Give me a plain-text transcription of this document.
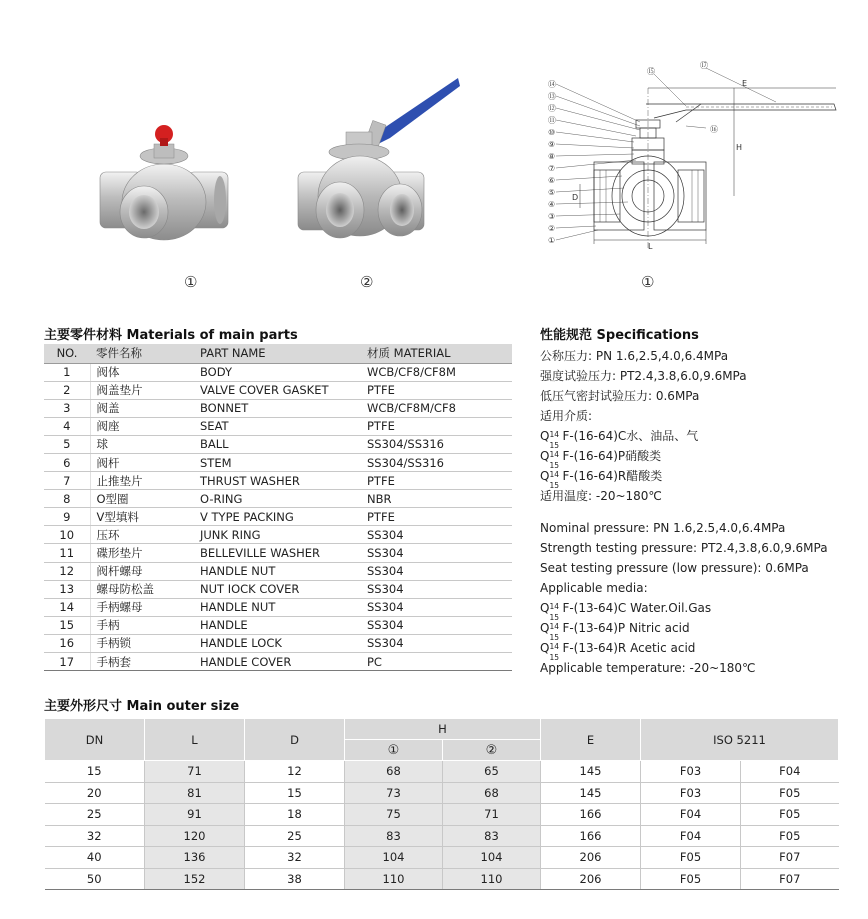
①	②
⑭
⑬
⑫
⑪
⑩
⑨
⑧
⑦
⑥
⑤
④
③
②
①
⑮
⑯
⑰
E
H
D
L
①
主要零件材料 Materials of main parts
NO.	零件名称	PART NAME	材质 MATERIAL
1	阀体	BODY	WCB/CF8/CF8M
2	阀盖垫片	VALVE COVER GASKET	PTFE
3	阀盖	BONNET	WCB/CF8M/CF8
4	阀座	SEAT	PTFE
5	球	BALL	SS304/SS316
6	阀杆	STEM	SS304/SS316
7	止推垫片	THRUST WASHER	PTFE
8	O型圈	O-RING	NBR
9	V型填料	V TYPE PACKING	PTFE
10	压环	JUNK RING	SS304
11	碟形垫片	BELLEVILLE WASHER	SS304
12	阀杆螺母	HANDLE NUT	SS304
13	螺母防松盖	NUT IOCK COVER	SS304
14	手柄螺母	HANDLE NUT	SS304
15	手柄	HANDLE	SS304
16	手柄锁	HANDLE LOCK	SS304
17	手柄套	HANDLE COVER	PC
性能规范 Specifications
公称压力: PN 1.6,2.5,4.0,6.4MPa
强度试验压力: PT2.4,3.8,6.0,9.6MPa
低压气密封试验压力: 0.6MPa
适用介质:
Q 14
15
F-(16-64)C水、油品、气
Q 14
15
F-(16-64)P硝酸类
Q 14
15
F-(16-64)R醋酸类
适用温度: -20~180℃
Nominal pressure: PN 1.6,2.5,4.0,6.4MPa
Strength testing pressure: PT2.4,3.8,6.0,9.6MPa
Seat testing pressure (low pressure): 0.6MPa
Applicable media:
Q 14
15
F-(13-64)C Water.Oil.Gas
Q 14
15
F-(13-64)P Nitric acid
Q 14
15
F-(13-64)R Acetic acid
Applicable temperature: -20~180℃
主要外形尺寸 Main outer size
DN	L	D	H		E	ISO 5211	
			①	②			
15	71	12	68	65	145	F03	F04
20	81	15	73	68	145	F03	F05
25	91	18	75	71	166	F04	F05
32	120	25	83	83	166	F04	F05
40	136	32	104	104	206	F05	F07
50	152	38	110	110	206	F05	F07
